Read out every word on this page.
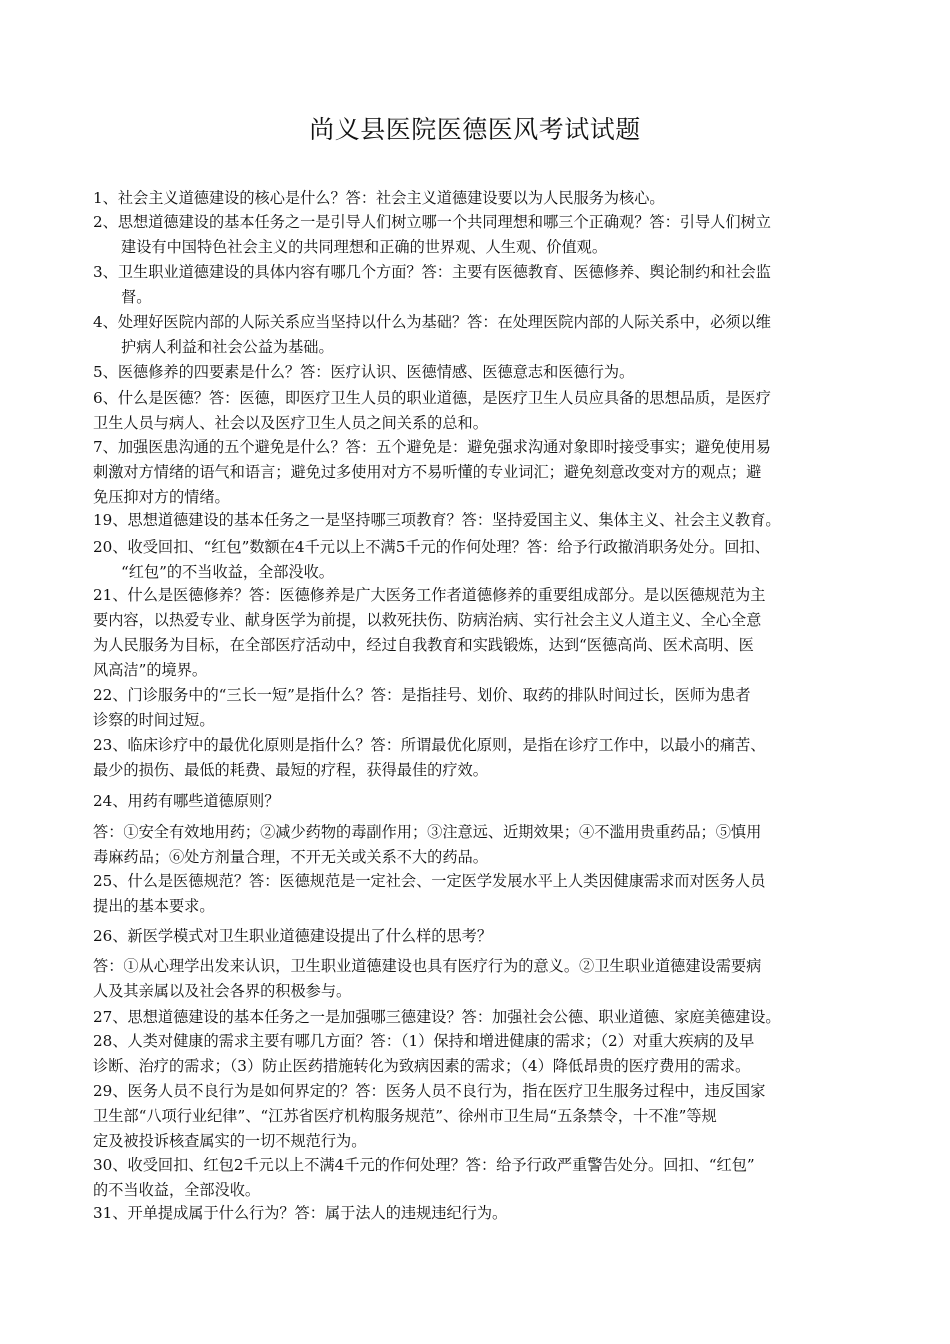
尚义县医院医德医风考试试题
1、社会主义道德建设的核心是什么？答：社会主义道德建设要以为人民服务为核心。
2、思想道德建设的基本任务之一是引导人们树立哪一个共同理想和哪三个正确观？答：引导人们树立
建设有中国特色社会主义的共同理想和正确的世界观、人生观、价值观。
3、卫生职业道德建设的具体内容有哪几个方面？答：主要有医德教育、医德修养、舆论制约和社会监
督。
4、处理好医院内部的人际关系应当坚持以什么为基础？答：在处理医院内部的人际关系中，必须以维
护病人利益和社会公益为基础。
5、医德修养的四要素是什么？答：医疗认识、医德情感、医德意志和医德行为。
6、什么是医德？答：医德，即医疗卫生人员的职业道德，是医疗卫生人员应具备的思想品质，是医疗
卫生人员与病人、社会以及医疗卫生人员之间关系的总和。
7、加强医患沟通的五个避免是什么？答：五个避免是：避免强求沟通对象即时接受事实；避免使用易
刺激对方情绪的语气和语言；避免过多使用对方不易听懂的专业词汇；避免刻意改变对方的观点；避
免压抑对方的情绪。
19、思想道德建设的基本任务之一是坚持哪三项教育？答：坚持爱国主义、集体主义、社会主义教育。
20、收受回扣、“红包”数额在4千元以上不满5千元的作何处理？答：给予行政撤消职务处分。回扣、
“红包”的不当收益，全部没收。
21、什么是医德修养？答：医德修养是广大医务工作者道德修养的重要组成部分。是以医德规范为主
要内容，以热爱专业、献身医学为前提，以救死扶伤、防病治病、实行社会主义人道主义、全心全意
为人民服务为目标，在全部医疗活动中，经过自我教育和实践锻炼，达到“医德高尚、医术高明、医
风高洁”的境界。
22、门诊服务中的“三长一短”是指什么？答：是指挂号、划价、取药的排队时间过长，医师为患者
诊察的时间过短。
23、临床诊疗中的最优化原则是指什么？答：所谓最优化原则，是指在诊疗工作中，以最小的痛苦、
最少的损伤、最低的耗费、最短的疗程，获得最佳的疗效。
24、用药有哪些道德原则？
答：①安全有效地用药；②减少药物的毒副作用；③注意远、近期效果；④不滥用贵重药品；⑤慎用
毒麻药品；⑥处方剂量合理，不开无关或关系不大的药品。
25、什么是医德规范？答：医德规范是一定社会、一定医学发展水平上人类因健康需求而对医务人员
提出的基本要求。
26、新医学模式对卫生职业道德建设提出了什么样的思考？
答：①从心理学出发来认识，卫生职业道德建设也具有医疗行为的意义。②卫生职业道德建设需要病
人及其亲属以及社会各界的积极参与。
27、思想道德建设的基本任务之一是加强哪三德建设？答：加强社会公德、职业道德、家庭美德建设。
28、人类对健康的需求主要有哪几方面？答：（1）保持和增进健康的需求；（2）对重大疾病的及早
诊断、治疗的需求；（3）防止医药措施转化为致病因素的需求；（4）降低昂贵的医疗费用的需求。
29、医务人员不良行为是如何界定的？答：医务人员不良行为，指在医疗卫生服务过程中，违反国家
卫生部“八项行业纪律”、“江苏省医疗机构服务规范”、徐州市卫生局“五条禁令，十不准”等规
定及被投诉核查属实的一切不规范行为。
30、收受回扣、红包2千元以上不满4千元的作何处理？答：给予行政严重警告处分。回扣、“红包”
的不当收益，全部没收。
31、开单提成属于什么行为？答：属于法人的违规违纪行为。
